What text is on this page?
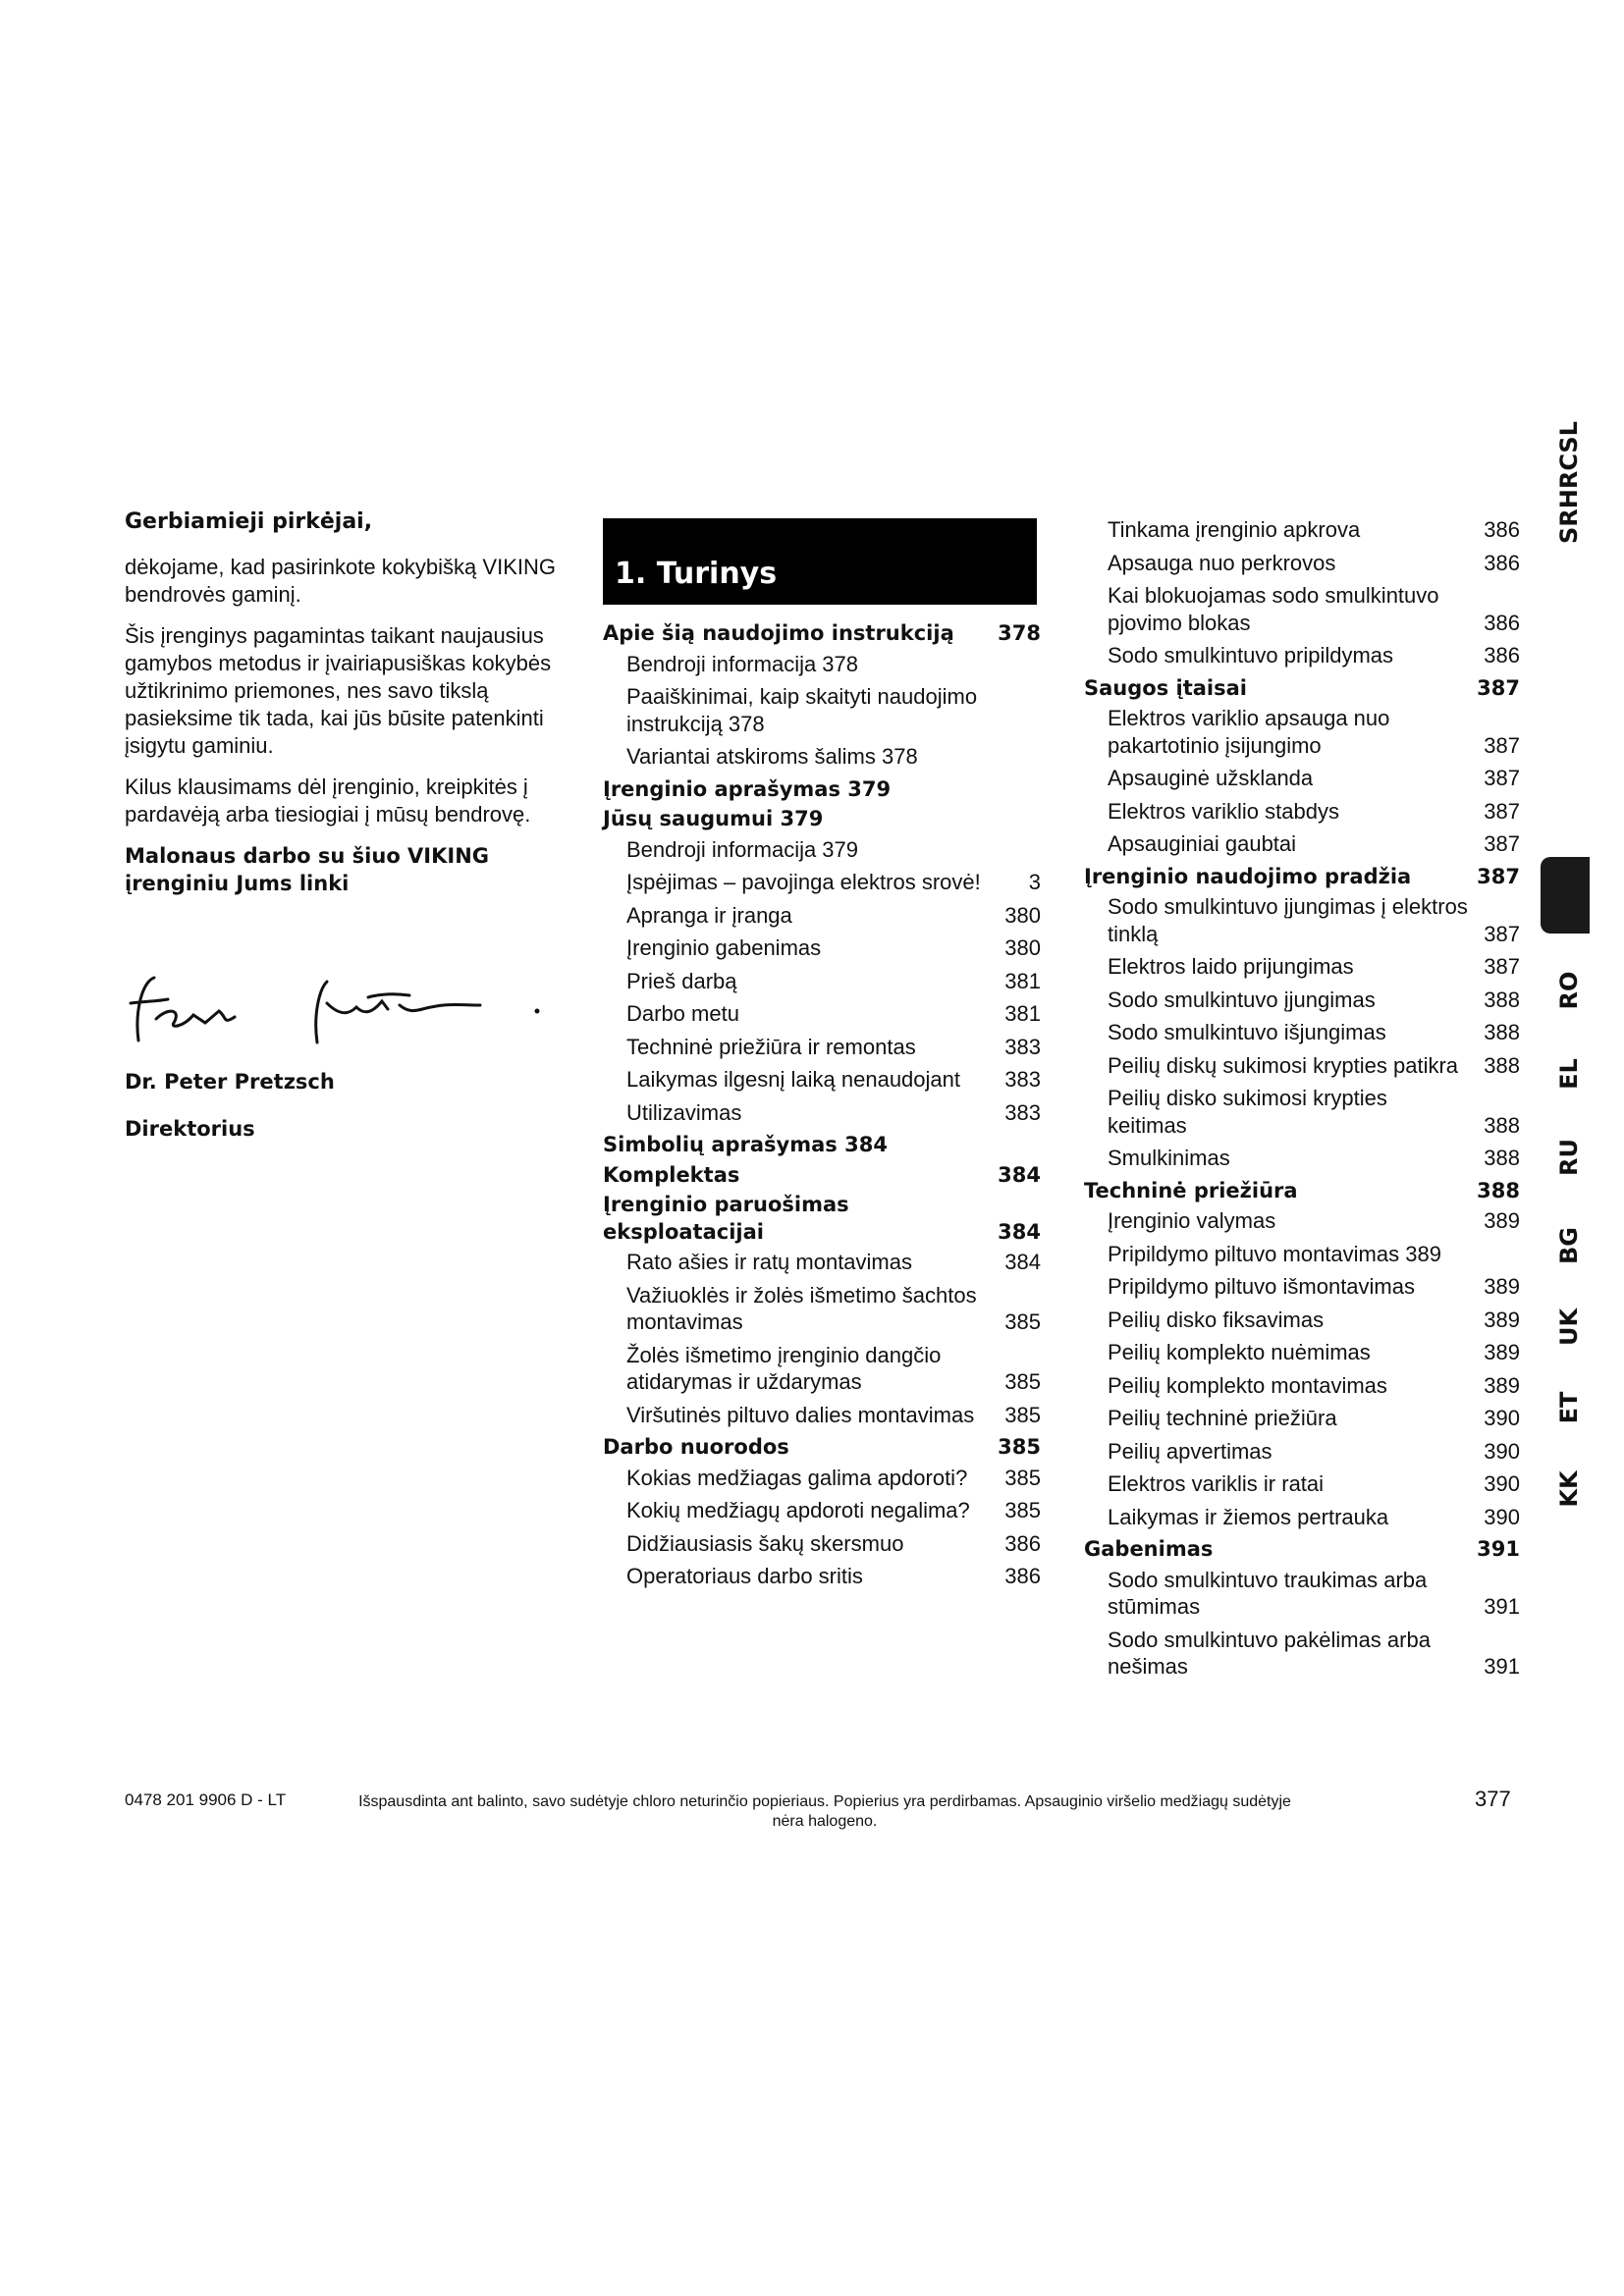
Gerbiamieji pirkėjai,

dėkojame, kad pasirinkote kokybišką VIKING bendrovės gaminį.

Šis įrenginys pagamintas taikant naujausius gamybos metodus ir įvairiapusiškas kokybės užtikrinimo priemones, nes savo tikslą pasieksime tik tada, kai jūs būsite patenkinti įsigytu gaminiu.

Kilus klausimams dėl įrenginio, kreipkitės į pardavėją arba tiesiogiai į mūsų bendrovę.

Malonaus darbo su šiuo VIKING įrenginiu Jums linki

Dr. Peter Pretzsch
Direktorius
1. Turinys
Apie šią naudojimo instrukciją	378
Bendroji informacija 378
Paaiškinimai, kaip skaityti naudojimo instrukciją 378
Variantai atskiroms šalims 378
Įrenginio aprašymas 379
Jūsų saugumui 379
Bendroji informacija 379
Įspėjimas – pavojinga elektros srovė!	3
Apranga ir įranga	380
Įrenginio gabenimas	380
Prieš darbą	381
Darbo metu	381
Techninė priežiūra ir remontas	383
Laikymas ilgesnį laiką nenaudojant	383
Utilizavimas	383
Simbolių aprašymas 384
Komplektas	384
Įrenginio paruošimas eksploatacijai	384
Rato ašies ir ratų montavimas	384
Važiuoklės ir žolės išmetimo šachtos montavimas	385
Žolės išmetimo įrenginio dangčio atidarymas ir uždarymas	385
Viršutinės piltuvo dalies montavimas	385
Darbo nuorodos	385
Kokias medžiagas galima apdoroti?	385
Kokių medžiagų apdoroti negalima?	385
Didžiausiasis šakų skersmuo	386
Operatoriaus darbo sritis	386
Tinkama įrenginio apkrova	386
Apsauga nuo perkrovos	386
Kai blokuojamas sodo smulkintuvo pjovimo blokas	386
Sodo smulkintuvo pripildymas	386
Saugos įtaisai	387
Elektros variklio apsauga nuo pakartotinio įsijungimo	387
Apsauginė užsklanda	387
Elektros variklio stabdys	387
Apsauginiai gaubtai	387
Įrenginio naudojimo pradžia	387
Sodo smulkintuvo įjungimas į elektros tinklą	387
Elektros laido prijungimas	387
Sodo smulkintuvo įjungimas	388
Sodo smulkintuvo išjungimas	388
Peilių diskų sukimosi krypties patikra	388
Peilių disko sukimosi krypties keitimas	388
Smulkinimas	388
Techninė priežiūra	388
Įrenginio valymas	389
Pripildymo piltuvo montavimas 389
Pripildymo piltuvo išmontavimas	389
Peilių disko fiksavimas	389
Peilių komplekto nuėmimas	389
Peilių komplekto montavimas	389
Peilių techninė priežiūra	390
Peilių apvertimas	390
Elektros variklis ir ratai	390
Laikymas ir žiemos pertrauka	390
Gabenimas	391
Sodo smulkintuvo traukimas arba stūmimas	391
Sodo smulkintuvo pakėlimas arba nešimas	391
SRHRCSL
RO
EL
RU
BG
UK
ET
KK
0478 201 9906 D - LT	Išspausdinta ant balinto, savo sudėtyje chloro neturinčio popieriaus. Popierius yra perdirbamas. Apsauginio viršelio medžiagų sudėtyje nėra halogeno.
377
